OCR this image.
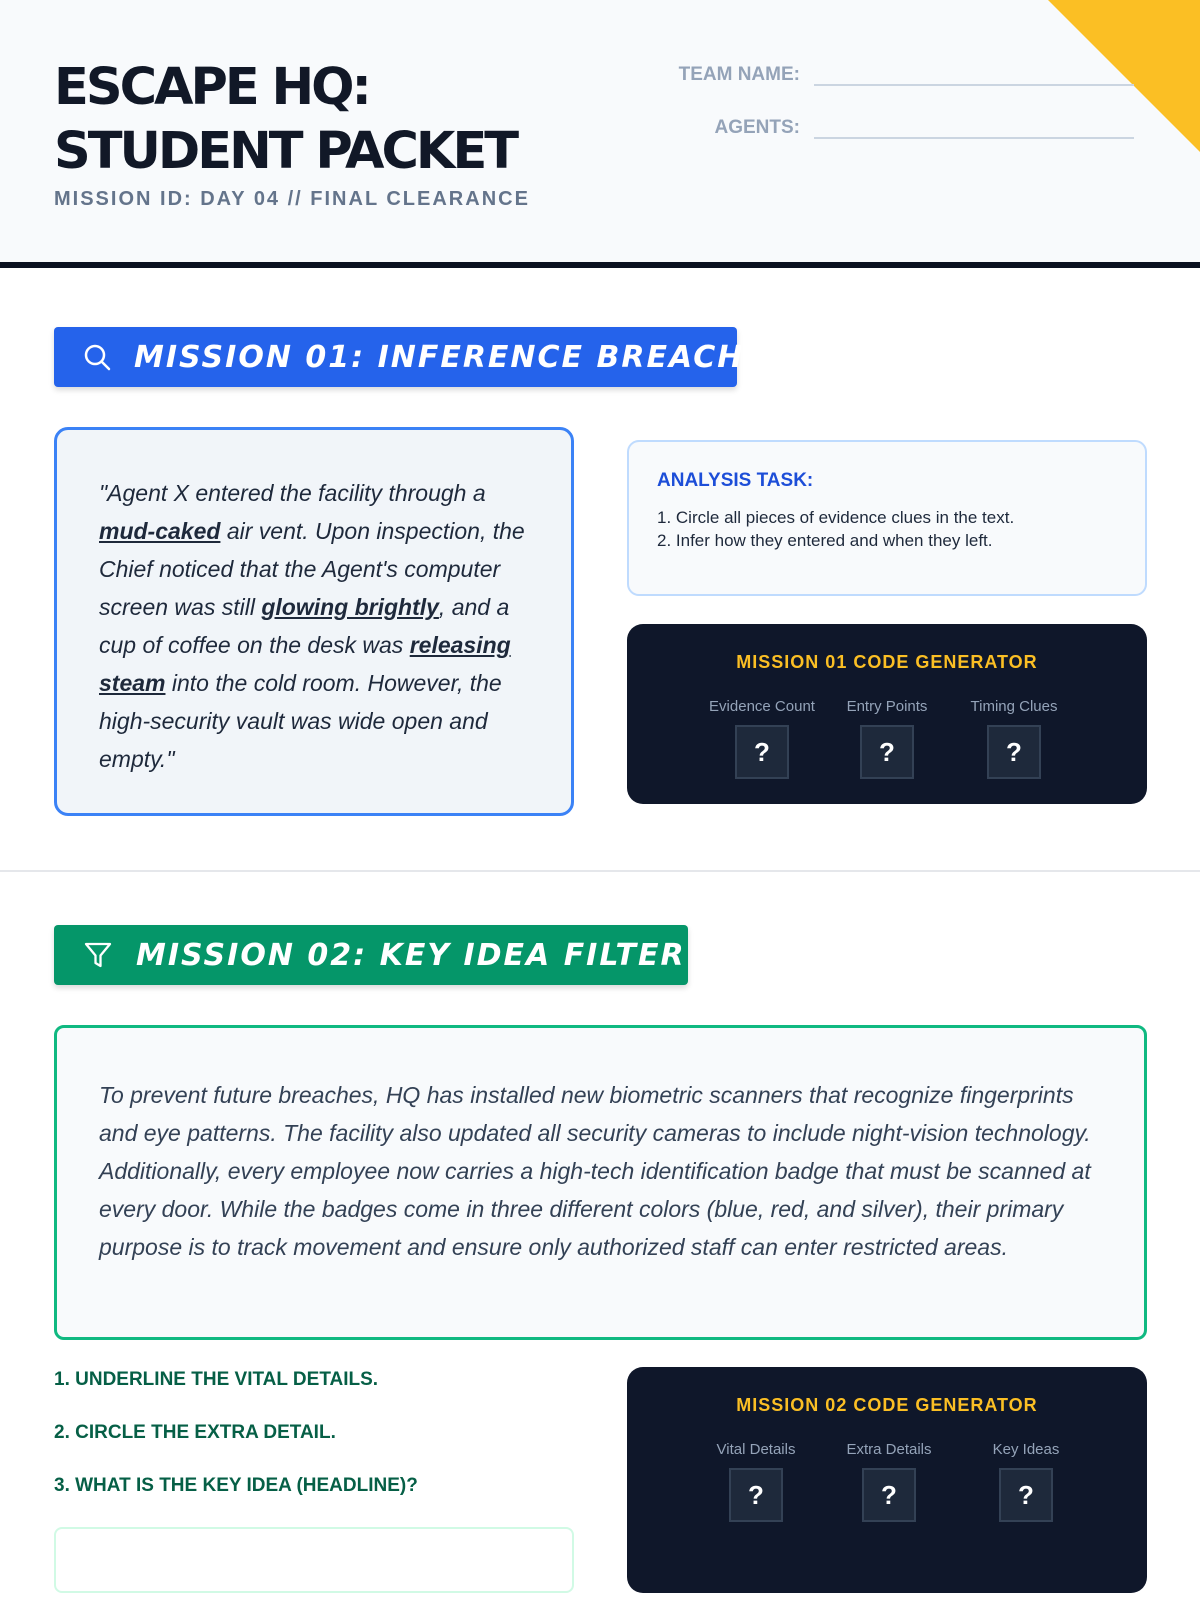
ESCAPE HQ:
STUDENT PACKET
MISSION ID: DAY 04 // FINAL CLEARANCE
TEAM NAME:
AGENTS:
MISSION 01: INFERENCE BREACH
"Agent X entered the facility through a mud-caked air vent. Upon inspection, the Chief noticed that the Agent's computer screen was still glowing brightly, and a cup of coffee on the desk was releasing steam into the cold room. However, the high-security vault was wide open and empty."
ANALYSIS TASK:
1. Circle all pieces of evidence clues in the text.
2. Infer how they entered and when they left.
MISSION 01 CODE GENERATOR
Evidence Count
?
Entry Points
?
Timing Clues
?
MISSION 02: KEY IDEA FILTER
To prevent future breaches, HQ has installed new biometric scanners that recognize fingerprints and eye patterns. The facility also updated all security cameras to include night-vision technology. Additionally, every employee now carries a high-tech identification badge that must be scanned at every door. While the badges come in three different colors (blue, red, and silver), their primary purpose is to track movement and ensure only authorized staff can enter restricted areas.
1. UNDERLINE THE VITAL DETAILS.
2. CIRCLE THE EXTRA DETAIL.
3. WHAT IS THE KEY IDEA (HEADLINE)?
MISSION 02 CODE GENERATOR
Vital Details
?
Extra Details
?
Key Ideas
?
